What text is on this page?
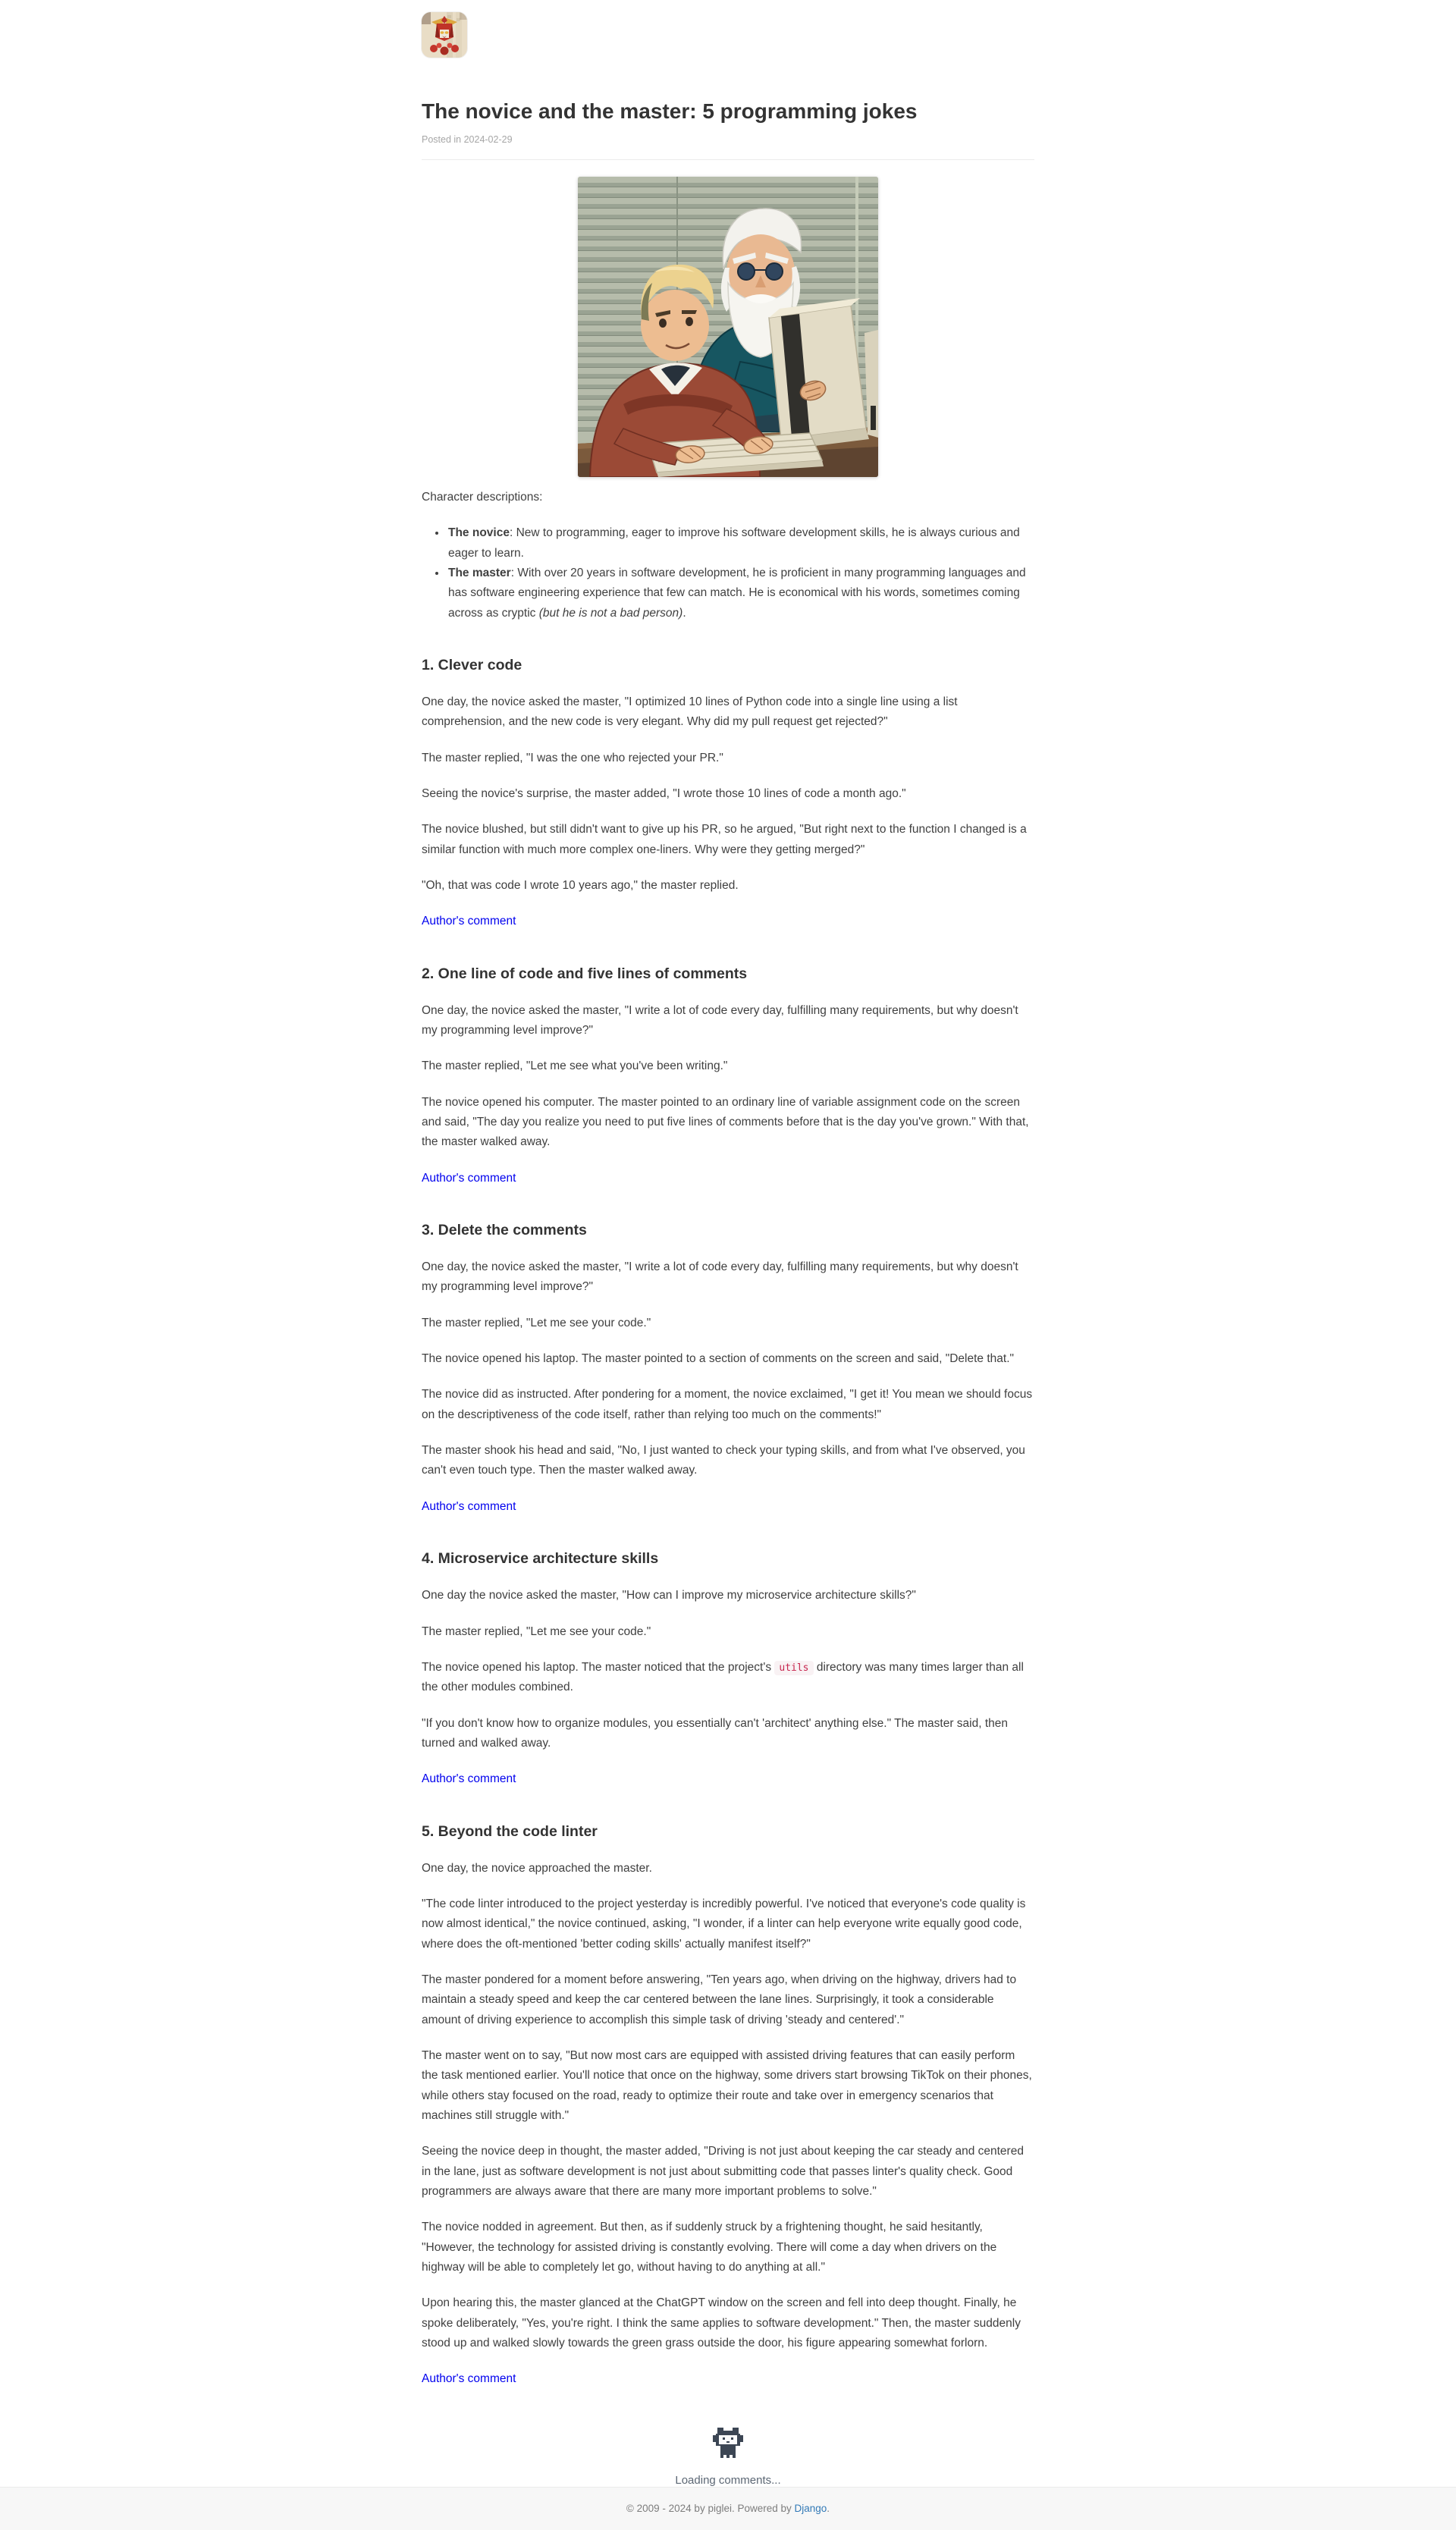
The novice and the master: 5 programming jokes

Posted in 2024-02-29

Character descriptions:

• The novice: New to programming, eager to improve his software development skills, he is always curious and eager to learn.
• The master: With over 20 years in software development, he is proficient in many programming languages and has software engineering experience that few can match. He is economical with his words, sometimes coming across as cryptic (but he is not a bad person).
1. Clever code

One day, the novice asked the master, "I optimized 10 lines of Python code into a single line using a list comprehension, and the new code is very elegant. Why did my pull request get rejected?"

The master replied, "I was the one who rejected your PR."

Seeing the novice's surprise, the master added, "I wrote those 10 lines of code a month ago."

The novice blushed, but still didn't want to give up his PR, so he argued, "But right next to the function I changed is a similar function with much more complex one-liners. Why were they getting merged?"

"Oh, that was code I wrote 10 years ago," the master replied.

Author's comment

2. One line of code and five lines of comments

One day, the novice asked the master, "I write a lot of code every day, fulfilling many requirements, but why doesn't my programming level improve?"

The master replied, "Let me see what you've been writing."

The novice opened his computer. The master pointed to an ordinary line of variable assignment code on the screen and said, "The day you realize you need to put five lines of comments before that is the day you've grown." With that, the master walked away.

Author's comment

3. Delete the comments

One day, the novice asked the master, "I write a lot of code every day, fulfilling many requirements, but why doesn't my programming level improve?"

The master replied, "Let me see your code."

The novice opened his laptop. The master pointed to a section of comments on the screen and said, "Delete that."

The novice did as instructed. After pondering for a moment, the novice exclaimed, "I get it! You mean we should focus on the descriptiveness of the code itself, rather than relying too much on the comments!"

The master shook his head and said, "No, I just wanted to check your typing skills, and from what I've observed, you can't even touch type. Then the master walked away.

Author's comment

4. Microservice architecture skills

One day the novice asked the master, "How can I improve my microservice architecture skills?"

The master replied, "Let me see your code."

The novice opened his laptop. The master noticed that the project's utils directory was many times larger than all the other modules combined.

"If you don't know how to organize modules, you essentially can't 'architect' anything else." The master said, then turned and walked away.

Author's comment

5. Beyond the code linter

One day, the novice approached the master.

"The code linter introduced to the project yesterday is incredibly powerful. I've noticed that everyone's code quality is now almost identical," the novice continued, asking, "I wonder, if a linter can help everyone write equally good code, where does the oft-mentioned 'better coding skills' actually manifest itself?"

The master pondered for a moment before answering, "Ten years ago, when driving on the highway, drivers had to maintain a steady speed and keep the car centered between the lane lines. Surprisingly, it took a considerable amount of driving experience to accomplish this simple task of driving 'steady and centered'."

The master went on to say, "But now most cars are equipped with assisted driving features that can easily perform the task mentioned earlier. You'll notice that once on the highway, some drivers start browsing TikTok on their phones, while others stay focused on the road, ready to optimize their route and take over in emergency scenarios that machines still struggle with."

Seeing the novice deep in thought, the master added, "Driving is not just about keeping the car steady and centered in the lane, just as software development is not just about submitting code that passes linter's quality check. Good programmers are always aware that there are many more important problems to solve."

The novice nodded in agreement. But then, as if suddenly struck by a frightening thought, he said hesitantly, "However, the technology for assisted driving is constantly evolving. There will come a day when drivers on the highway will be able to completely let go, without having to do anything at all."

Upon hearing this, the master glanced at the ChatGPT window on the screen and fell into deep thought. Finally, he spoke deliberately, "Yes, you're right. I think the same applies to software development." Then, the master suddenly stood up and walked slowly towards the green grass outside the door, his figure appearing somewhat forlorn.

Author's comment

Loading comments...
© 2009 - 2024 by piglei. Powered by Django.
